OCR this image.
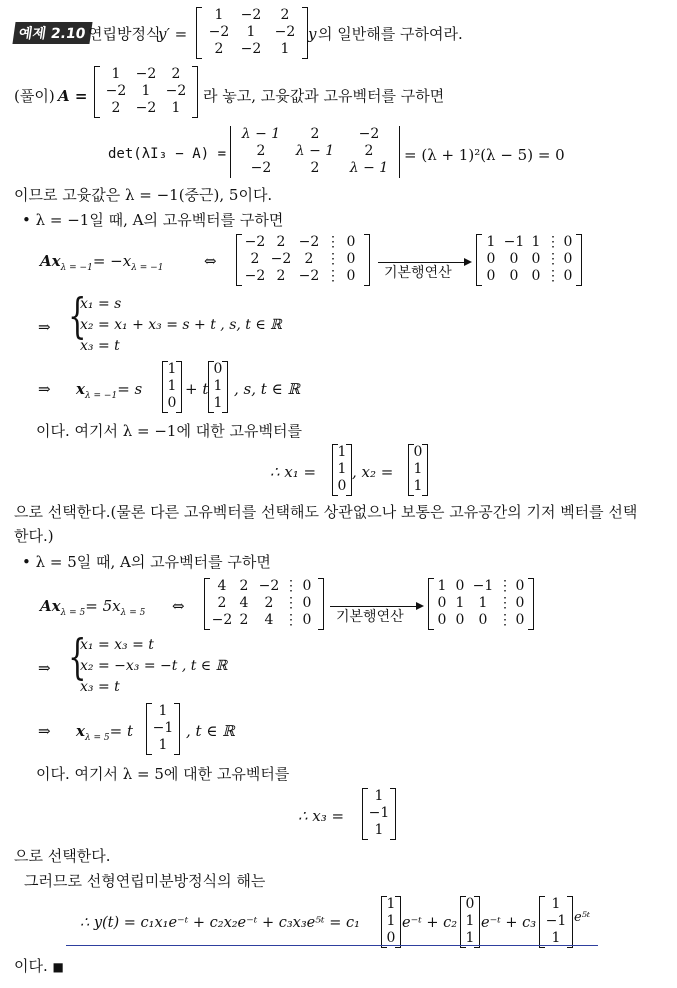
예제 2.10 연립방정식
y′ =
1	−2	2
−2	1	−2
2	−2	1
y 의 일반해를 구하여라.
(풀이) A =
1	−2	2
−2	1	−2
2	−2	1
라 놓고, 고윳값과 고유벡터를 구하면
det(λI₃ − A) =
λ − 1	2	−2
2	λ − 1	2
−2	2	λ − 1
= (λ + 1)²(λ − 5) = 0
이므로 고윳값은 λ = −1(중근), 5이다.
• λ = −1일 때, A의 고유벡터를 구하면
$Ax_{\lambda = -1}= -x_{\lambda = -1}$	⇔
−2 2 −2 ⋮ 0
2 −2 2 ⋮ 0
−2 2 −2 ⋮ 0	기본행연산
1 −1 1 ⋮ 0
0	0 0 ⋮ 0
0	0 0 ⋮ 0
⇒ {
x₁ = s
x₂ = x₁ + x₃ = s + t , s, t ∈ ℝ
x₃ = t
⇒ $x_{\lambda = -1}= s$
1
1
0
+ t
0
1
1
, s, t ∈ ℝ
이다. 여기서 λ = −1에 대한 고유벡터를
∴ x₁ =
1
1
0
, x₂ =
0
1
1
으로 선택한다.(물론 다른 고유벡터를 선택해도 상관없으나 보통은 고유공간의 기저 벡터를 선택
한다.)
• λ = 5일 때, A의 고유벡터를 구하면
$Ax_{\lambda = 5}= 5x_{\lambda = 5}$ ⇔
4 2 −2 ⋮ 0
2 4	2 ⋮ 0
−2 2	4 ⋮ 0	기본행연산
1 0 −1 ⋮ 0
0 1	1 ⋮ 0
0 0	0 ⋮ 0
⇒ {
x₁ = x₃ = t
x₂ = −x₃ = −t , t ∈ ℝ
x₃ = t
⇒ $x_{\lambda = 5}= t$
1
−1
1
, t ∈ ℝ
이다. 여기서 λ = 5에 대한 고유벡터를
∴ x₃ =
1
−1
1
으로 선택한다.
그러므로 선형연립미분방정식의 해는
∴ y(t) = c₁x₁e⁻ᵗ + c₂x₂e⁻ᵗ + c₃x₃e⁵ᵗ = c₁
1
1
0
e⁻ᵗ + c₂
0
1
1
e⁻ᵗ + c₃
1
−1
1
e⁵ᵗ
이다. ■
